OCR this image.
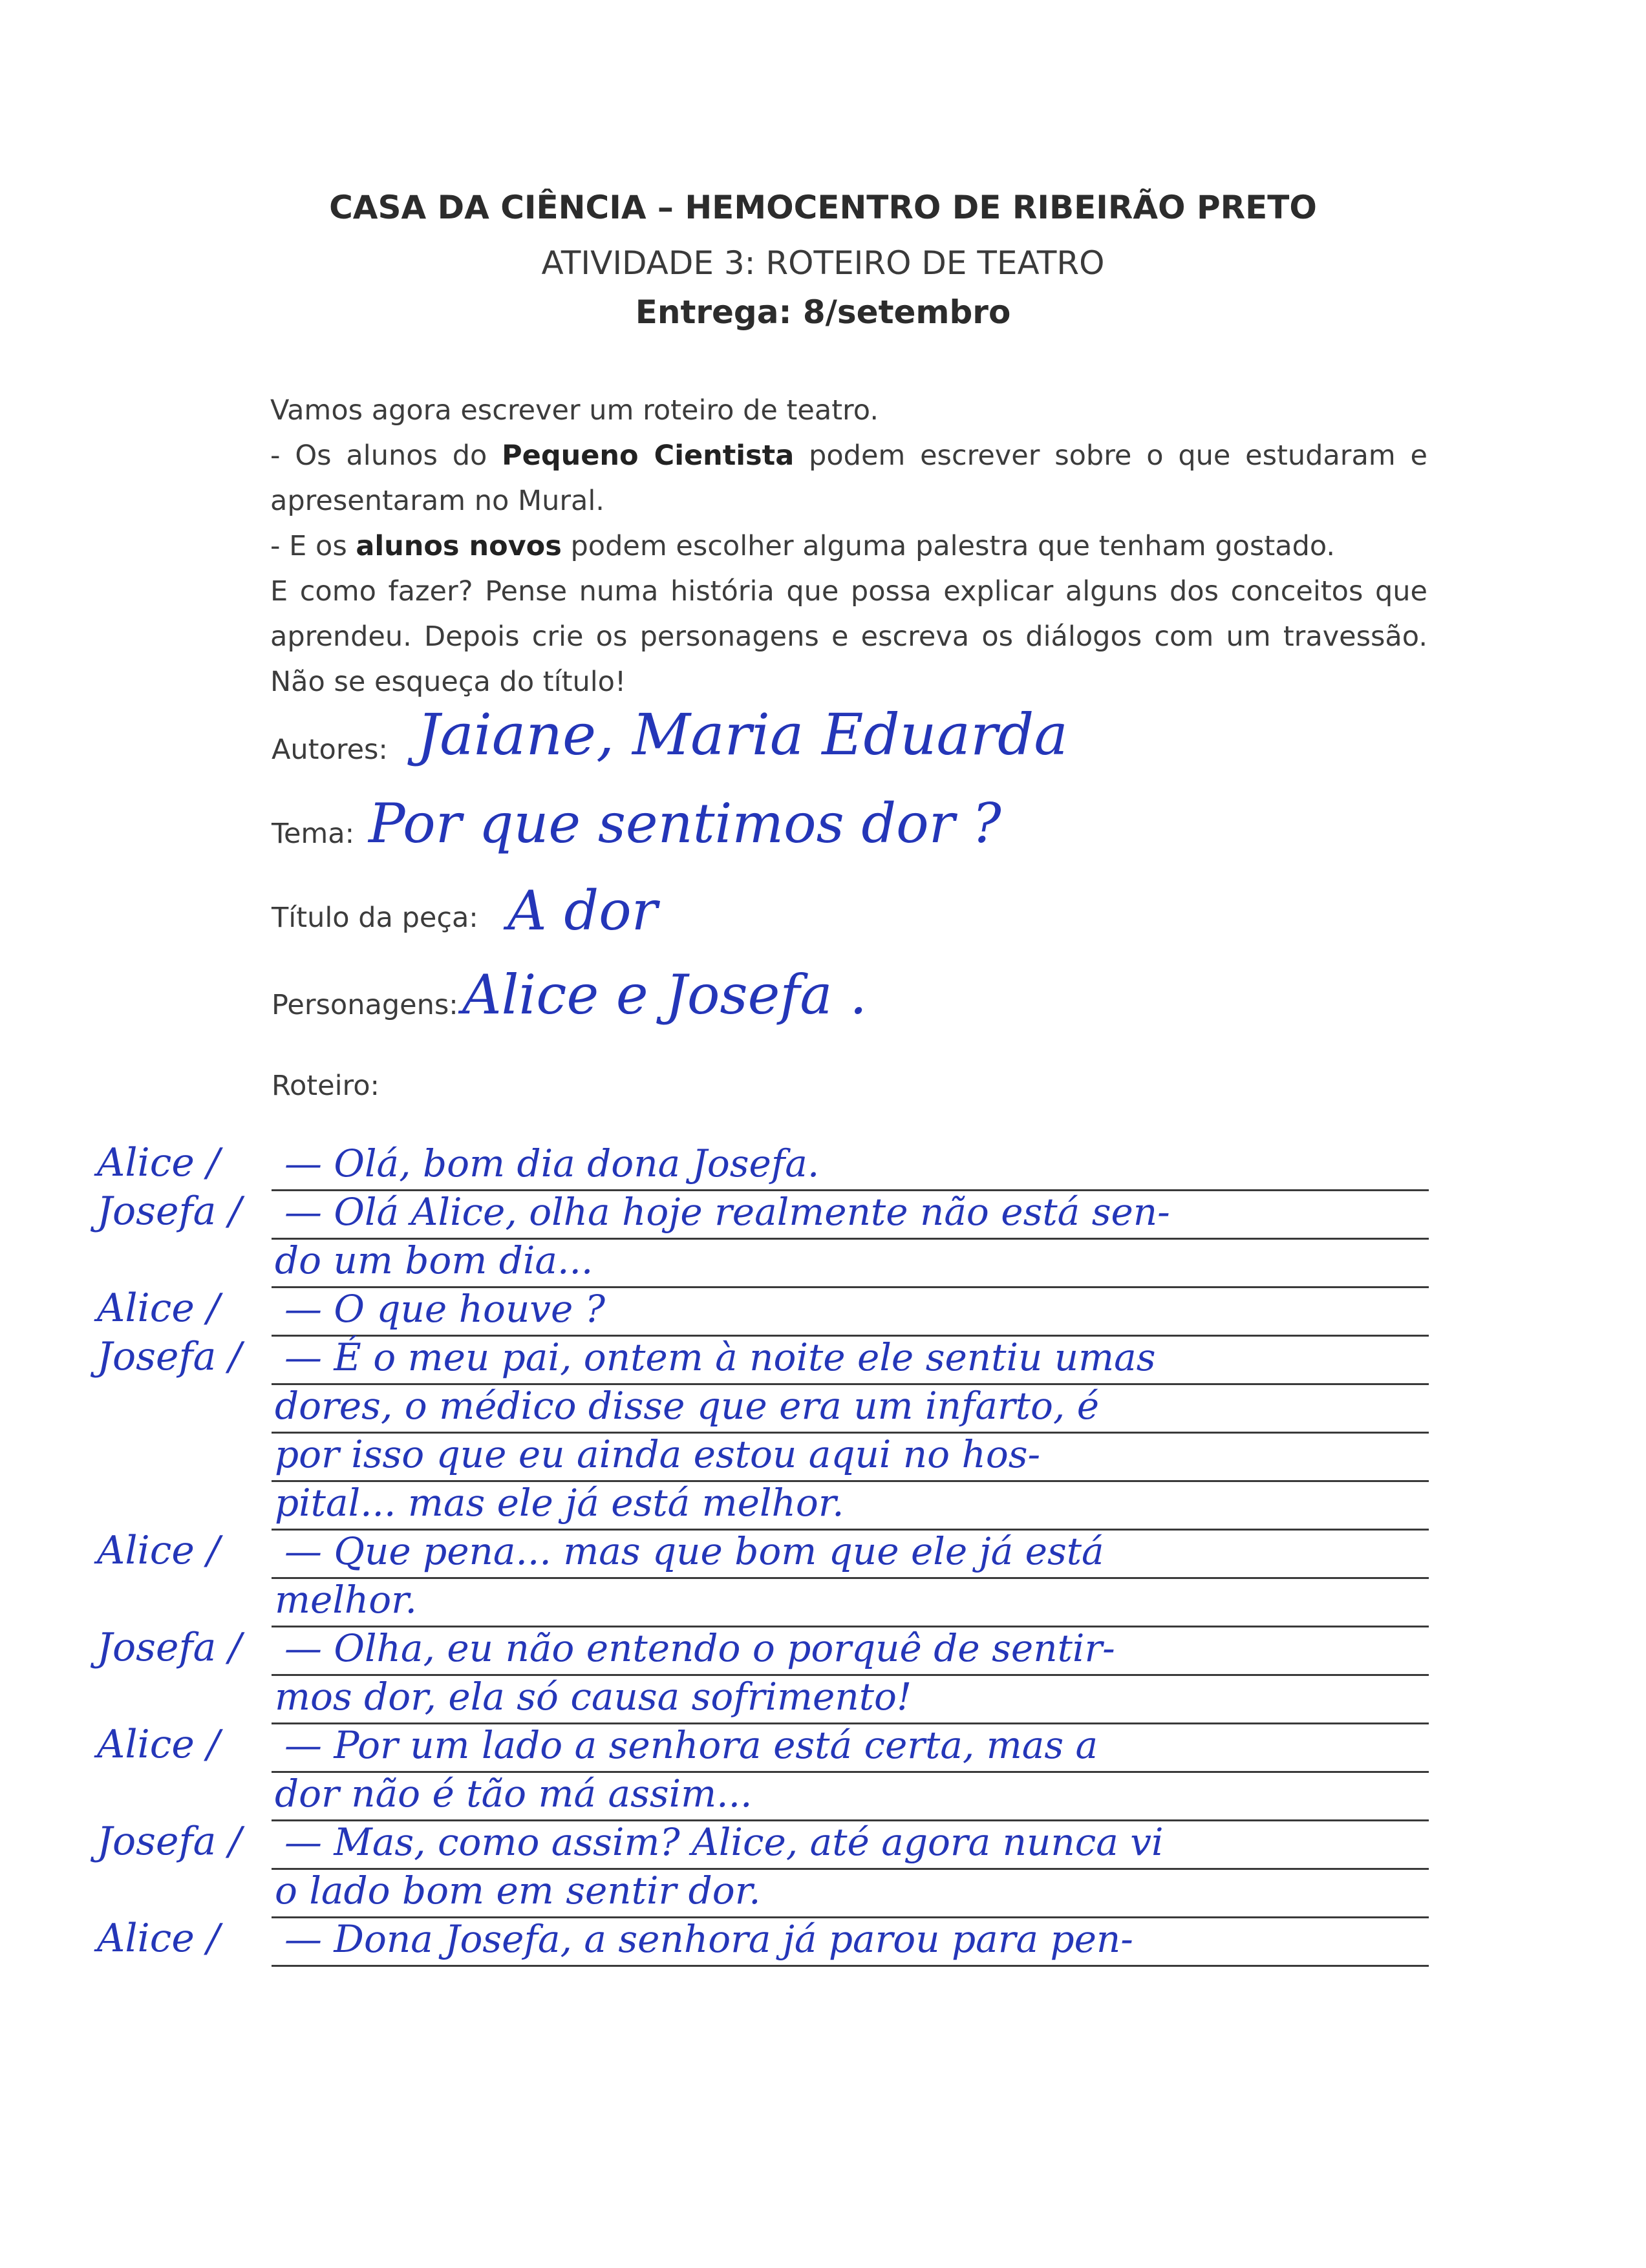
CASA DA CIÊNCIA – HEMOCENTRO DE RIBEIRÃO PRETO
ATIVIDADE 3: ROTEIRO DE TEATRO
Entrega: 8/setembro

Vamos agora escrever um roteiro de teatro.

- Os alunos do Pequeno Cientista podem escrever sobre o que estudaram e

apresentaram no Mural.

- E os alunos novos podem escolher alguma palestra que tenham gostado.

E como fazer? Pense numa história que possa explicar alguns dos conceitos que

aprendeu. Depois crie os personagens e escreva os diálogos com um travessão.

Não se esqueça do título!

Autores: Jaiane, Maria Eduarda
Tema: Por que sentimos dor ?
Título da peça: A dor
Personagens: Alice e Josefa .
Roteiro:
Alice / — Olá, bom dia dona Josefa.
Josefa / — Olá Alice, olha hoje realmente não está sen-
do um bom dia...
Alice / — O que houve ?
Josefa / — É o meu pai, ontem à noite ele sentiu umas
dores, o médico disse que era um infarto, é
por isso que eu ainda estou aqui no hos-
pital... mas ele já está melhor.
Alice / — Que pena... mas que bom que ele já está
melhor.
Josefa / — Olha, eu não entendo o porquê de sentir-
mos dor, ela só causa sofrimento!
Alice / — Por um lado a senhora está certa, mas a
dor não é tão má assim...
Josefa / — Mas, como assim? Alice, até agora nunca vi
o lado bom em sentir dor.
Alice / — Dona Josefa, a senhora já parou para pen-
